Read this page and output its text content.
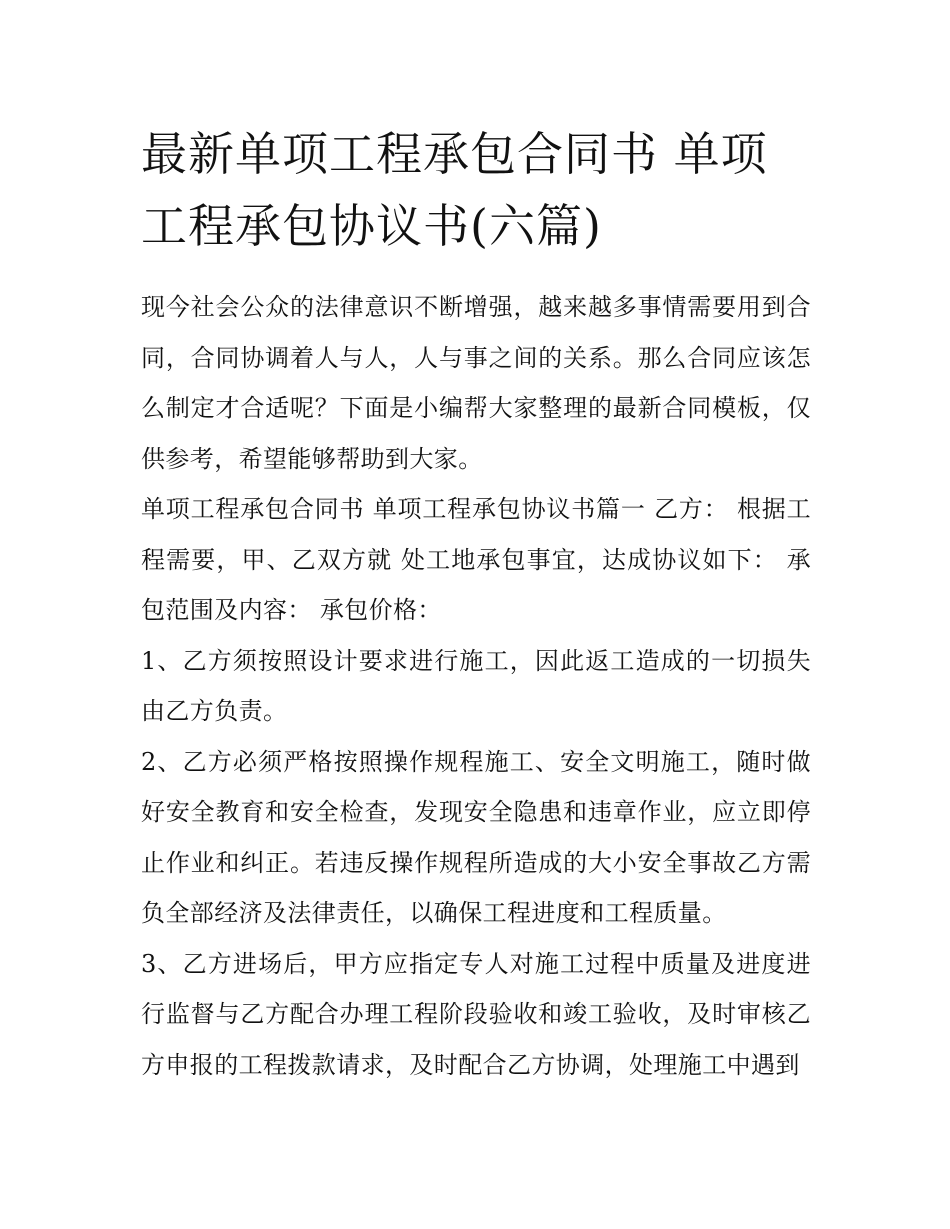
最新单项工程承包合同书 单项工程承包协议书(六篇)

现今社会公众的法律意识不断增强，越来越多事情需要用到合同，合同协调着人与人，人与事之间的关系。那么合同应该怎么制定才合适呢？下面是小编帮大家整理的最新合同模板，仅供参考，希望能够帮助到大家。

单项工程承包合同书 单项工程承包协议书篇一 乙方： 根据工程需要，甲、乙双方就 处工地承包事宜，达成协议如下： 承包范围及内容： 承包价格：

1、乙方须按照设计要求进行施工，因此返工造成的一切损失由乙方负责。

2、乙方必须严格按照操作规程施工、安全文明施工，随时做好安全教育和安全检查，发现安全隐患和违章作业，应立即停止作业和纠正。若违反操作规程所造成的大小安全事故乙方需负全部经济及法律责任，以确保工程进度和工程质量。

3、乙方进场后，甲方应指定专人对施工过程中质量及进度进行监督与乙方配合办理工程阶段验收和竣工验收，及时审核乙方申报的工程拨款请求，及时配合乙方协调，处理施工中遇到
